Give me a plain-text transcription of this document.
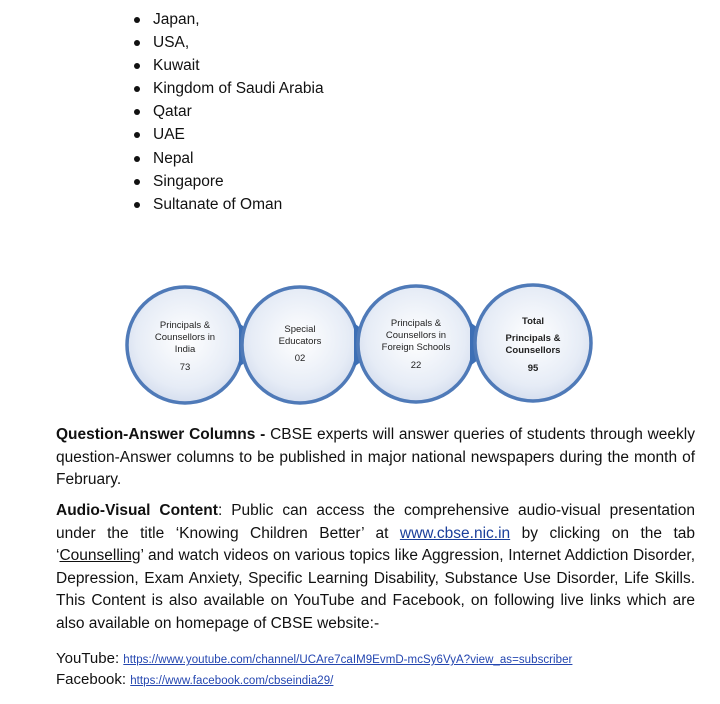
Japan,
USA,
Kuwait
Kingdom of Saudi Arabia
Qatar
UAE
Nepal
Singapore
Sultanate of Oman
Principals &
Counsellors in
India
73
Special
Educators
02
Principals &
Counsellors in
Foreign Schools
22
Total
Principals &
Counsellors
95

Question-Answer Columns - CBSE experts will answer queries of students through weekly question-Answer columns to be published in major national newspapers during the month of February.

Audio-Visual Content: Public can access the comprehensive audio-visual presentation under the title ‘Knowing Children Better’ at www.cbse.nic.in by clicking on the tab ‘Counselling’ and watch videos on various topics like Aggression, Internet Addiction Disorder, Depression, Exam Anxiety, Specific Learning Disability, Substance Use Disorder, Life Skills. This Content is also available on YouTube and Facebook, on following live links which are also available on homepage of CBSE website:-

YouTube: https://www.youtube.com/channel/UCAre7caIM9EvmD-mcSy6VyA?view_as=subscriber
Facebook: https://www.facebook.com/cbseindia29/
